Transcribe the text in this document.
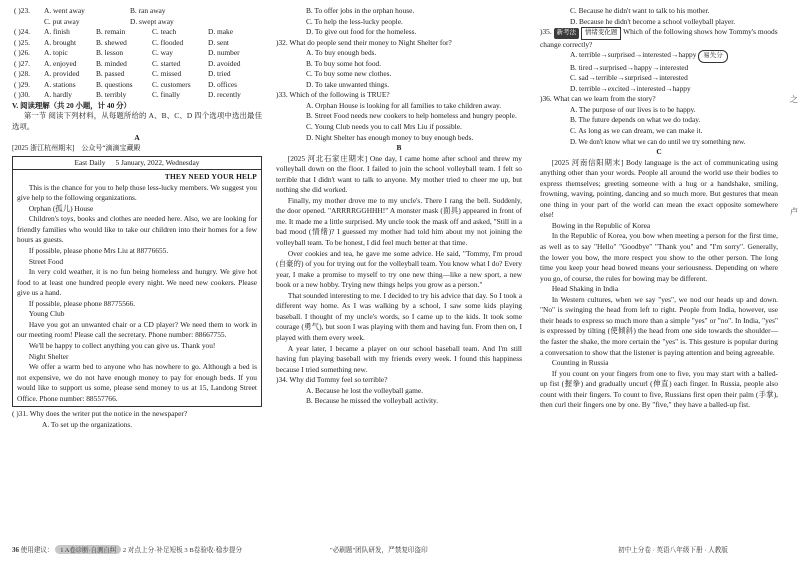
( )23.	A. went away	B. ran away
C. put away	D. swept away
( )24.	A. finish	B. remain	C. teach	D. make
( )25.	A. brought	B. shewed	C. flooded	D. sent
( )26.	A. topic	B. lesson	C. way	D. number
( )27.	A. enjoyed	B. minded	C. started	D. avoided
( )28.	A. provided	B. passed	C. missed	D. tried
( )29.	A. stations	B. questions	C. customers	D. offices
( )30.	A. hardly	B. terribly	C. finally	D. recently
V. 阅读理解（共 20 小题，计 40 分）
第一节 阅读下列材料，从每题所给的 A、B、C、D 四个选项中选出最佳选项。
A
[2025 浙江杭州期末]　公众号“滴滴宝藏殿
East Daily 5 January, 2022, Wednesday
THEY NEED YOUR HELP
This is the chance for you to help those less-lucky members. We suggest you give help to the following organizations.
Orphan (孤儿) House
Children's toys, books and clothes are needed here. Also, we are looking for friendly families who would like to take our children into their homes for a few hours as guests.
If possible, please phone Mrs Liu at 88776655.
Street Food
In very cold weather, it is no fun being homeless and hungry. We give hot food to at least one hundred people every night. We need new cookers. Please give us a hand.
If possible, please phone 88775566.
Young Club
Have you got an unwanted chair or a CD player? We need them to work in our meeting room! Please call the secretary. Phone number: 88667755.
We'll be happy to collect anything you can give us. Thank you!
Night Shelter
We offer a warm bed to anyone who has nowhere to go. Although a bed is not expensive, we do not have enough money to pay for enough beds. If you would like to support us some, please send money to us at 15, Landong Street Office. Phone number: 88557766.
( )31. Why does the writer put the notice in the newspaper?
A. To set up the organizations.
B. To offer jobs in the orphan house.
C. To help the less-lucky people.
D. To give out food for the homeless.
)32. What do people send their money to Night Shelter for?
A. To buy enough beds.
B. To buy some hot food.
C. To buy some new clothes.
D. To take unwanted things.
)33. Which of the following is TRUE?
A. Orphan House is looking for all families to take children away.
B. Street Food needs new cookers to help homeless and hungry people.
C. Young Club needs you to call Mrs Liu if possible.
D. Night Shelter has enough money to buy enough beds.
B
[2025 河北石家庄期末] One day, I came home after school and threw my volleyball down on the floor. I failed to join the school volleyball team. I felt so terrible that I didn't want to talk to anyone. My mother tried to cheer me up, but nothing she did worked.
Finally, my mother drove me to my uncle's. There I rang the bell. Suddenly, the door opened. "ARRRRGGHHH!" A monster mask (面具) appeared in front of me. It made me a little surprised. My uncle took the mask off and asked, "Still in a bad mood (情绪)? I guessed my mother had told him about my not joining the volleyball team. To be honest, I did feel much better at that time.
Over cookies and tea, he gave me some advice. He said, "Tommy, I'm proud (自豪的) of you for trying out for the volleyball team. You know what I do? Every year, I make a promise to myself to try one new thing—like a new sport, a new book or a new hobby. Trying new things helps you grow as a person."
That sounded interesting to me. I decided to try his advice that day. So I took a different way home. As I was walking by a school, I saw some kids playing baseball. I thought of my uncle's words, so I came up to the kids. It took some courage (勇气), but soon I was playing with them and having fun. From then on, I played with them every week.
A year later, I became a player on our school baseball team. And I'm still having fun playing baseball with my friends every week. I found this happiness because I tried something new.
)34. Why did Tommy feel so terrible?
A. Because he lost the volleyball game.
B. Because he missed the volleyball activity.
C. Because he didn't want to talk to his mother.
D. Because he didn't become a school volleyball player.
)35. 新考法 情绪变化题 Which of the following shows how Tommy's moods change correctly?
A. terrible→surprised→interested→happy 易失分
B. tired→surprised→happy→interested
C. sad→terrible→surprised→interested
D. terrible→excited→interested→happy
)36. What can we learn from the story?
A. The purpose of our lives is to be happy.
B. The future depends on what we do today.
C. As long as we can dream, we can make it.
D. We don't know what we can do until we try something new.
C
[2025 河南信阳期末] Body language is the act of communicating using anything other than your words. People all around the world use their bodies to express themselves; greeting someone with a hug or a handshake, smiling, frowning, waving, pointing, dancing and so much more. But gestures that mean one thing in your part of the world can mean the exact opposite somewhere else!
Bowing in the Republic of Korea
In the Republic of Korea, you bow when meeting a person for the first time, as well as to say "Hello" "Goodbye" "Thank you" and "I'm sorry". Generally, the lower you bow, the more respect you show to the other person. The long time you keep your head bowed means your seriousness. Depending on where you go, of course, the rules for bowing may be different.
Head Shaking in India
In Western cultures, when we say "yes", we nod our heads up and down. "No" is swinging the head from left to right. People from India, however, use their heads to express so much more than a simple "yes" or "no". In India, "yes" is expressed by tilting (使倾斜) the head from one side towards the shoulder—the faster the shake, the more certain the "yes" is. This gesture is popular during a conversation to show that the listener is paying attention and being agreeable.
Counting in Russia
If you count on your fingers from one to five, you may start with a balled-up fist (握拳) and gradually uncurl (伸直) each finger. In Russia, people also count with their fingers. To count to five, Russians first open their palm (手掌), then curl their fingers one by one. By "five," they have a balled-up fist.
之
卢
36 使用建议： 1 A卷诊断·自测自纠 2 对点上分·补足短板 3 B卷验收·稳步提分	"必刷题"团队研发，严禁复印盗印	初中上分卷 · 英语八年级下册 · 人教版
